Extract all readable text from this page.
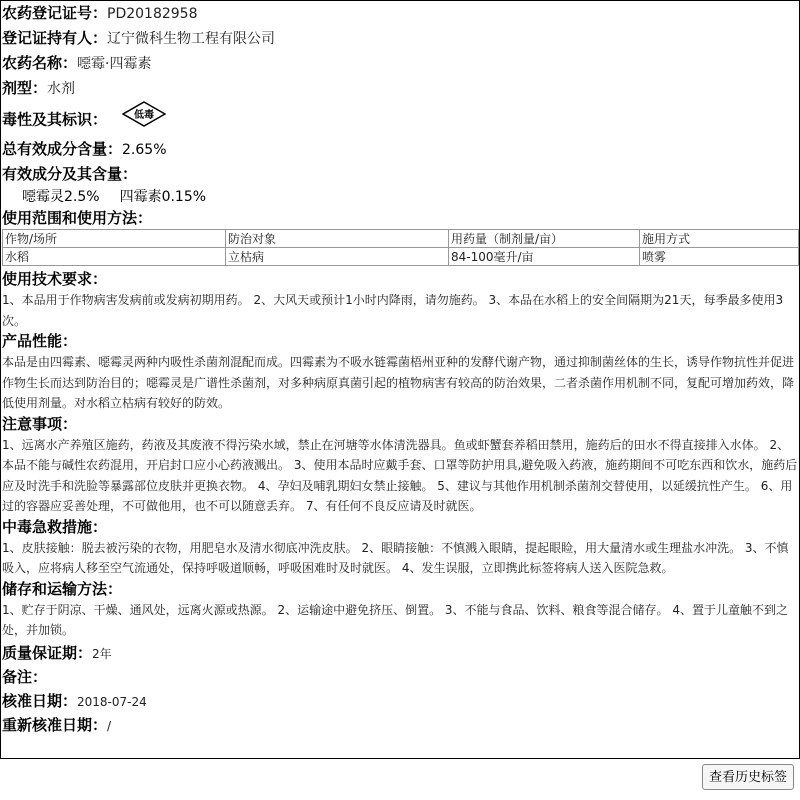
农药登记证号：PD20182958
登记证持有人：辽宁微科生物工程有限公司
农药名称：噁霉·四霉素
剂型：水剂
毒性及其标识：	低毒
总有效成分含量：2.65%
有效成分及其含量：
噁霉灵2.5% 四霉素0.15%
使用范围和使用方法：
作物/场所	防治对象	用药量（制剂量/亩）	施用方式
水稻	立枯病	84-100毫升/亩	喷雾
使用技术要求：
1、本品用于作物病害发病前或发病初期用药。 2、大风天或预计1小时内降雨，请勿施药。 3、本品在水稻上的安全间隔期为21天，每季最多使用3次。
产品性能：
本品是由四霉素、噁霉灵两种内吸性杀菌剂混配而成。四霉素为不吸水链霉菌梧州亚种的发酵代谢产物，通过抑制菌丝体的生长，诱导作物抗性并促进作物生长而达到防治目的；噁霉灵是广谱性杀菌剂，对多种病原真菌引起的植物病害有较高的防治效果，二者杀菌作用机制不同，复配可增加药效，降低使用剂量。对水稻立枯病有较好的防效。
注意事项：
1、远离水产养殖区施药，药液及其废液不得污染水域，禁止在河塘等水体清洗器具。鱼或虾蟹套养稻田禁用，施药后的田水不得直接排入水体。 2、本品不能与碱性农药混用，开启封口应小心药液溅出。 3、使用本品时应戴手套、口罩等防护用具,避免吸入药液，施药期间不可吃东西和饮水，施药后应及时洗手和洗脸等暴露部位皮肤并更换衣物。 4、孕妇及哺乳期妇女禁止接触。 5、建议与其他作用机制杀菌剂交替使用，以延缓抗性产生。 6、用过的容器应妥善处理，不可做他用，也不可以随意丢弃。 7、有任何不良反应请及时就医。
中毒急救措施：
1、皮肤接触：脱去被污染的衣物，用肥皂水及清水彻底冲洗皮肤。 2、眼睛接触：不慎溅入眼睛，提起眼睑，用大量清水或生理盐水冲洗。 3、不慎吸入，应将病人移至空气流通处，保持呼吸道顺畅，呼吸困难时及时就医。 4、发生误服，立即携此标签将病人送入医院急救。
储存和运输方法：
1、贮存于阴凉、干燥、通风处，远离火源或热源。 2、运输途中避免挤压、倒置。 3、不能与食品、饮料、粮食等混合储存。 4、置于儿童触不到之处，并加锁。
质量保证期：2年
备注：
核准日期：2018-07-24
重新核准日期：/
查看历史标签
